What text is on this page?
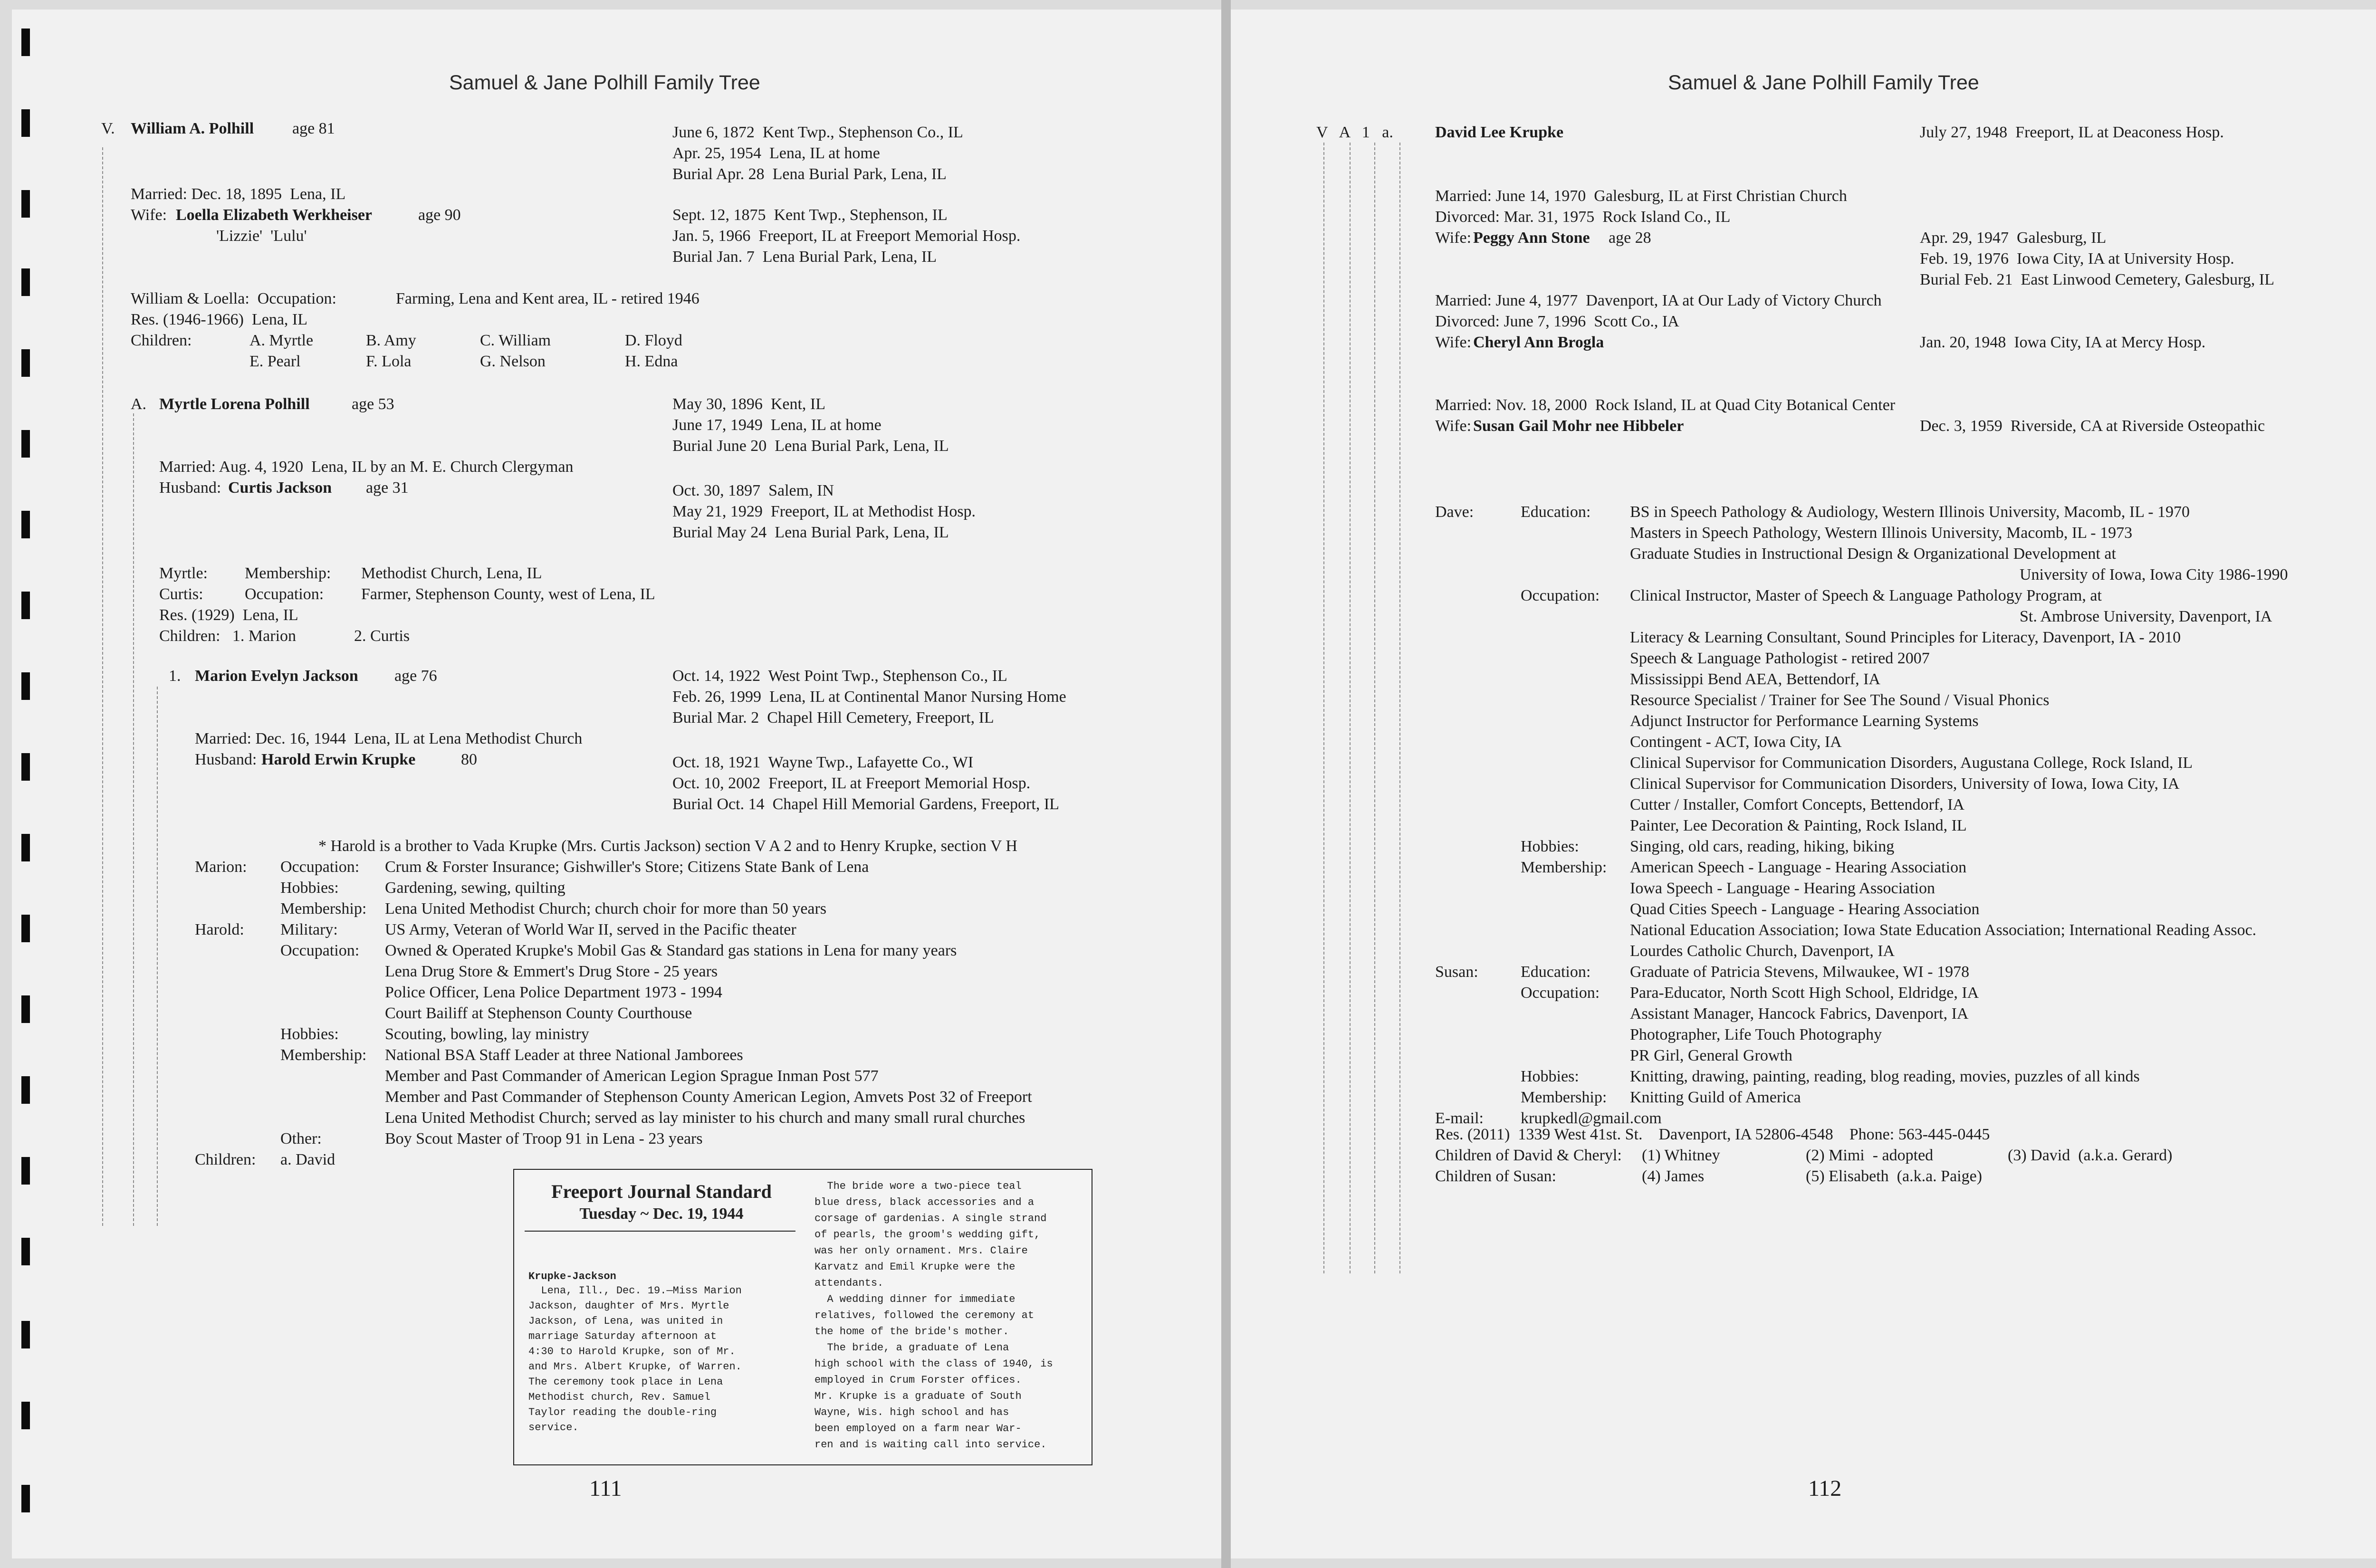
Samuel & Jane Polhill Family Tree
V. William A. Polhill age 81	June 6, 1872  Kent Twp., Stephenson Co., IL
Apr. 25, 1954  Lena, IL at home
Burial Apr. 28  Lena Burial Park, Lena, IL
Married: Dec. 18, 1895  Lena, IL
Wife: Loella Elizabeth Werkheiser	age 90
'Lizzie'  'Lulu'
Sept. 12, 1875  Kent Twp., Stephenson, IL
Jan. 5, 1966  Freeport, IL at Freeport Memorial Hosp.
Burial Jan. 7  Lena Burial Park, Lena, IL
William & Loella:  Occupation:	Farming, Lena and Kent area, IL - retired 1946
Res. (1946-1966)  Lena, IL
Children:	A. Myrtle	B. Amy	C. William	D. Floyd
E. Pearl	F. Lola	G. Nelson	H. Edna
A. Myrtle Lorena Polhill	age 53	May 30, 1896  Kent, IL
June 17, 1949  Lena, IL at home
Burial June 20  Lena Burial Park, Lena, IL
Married: Aug. 4, 1920  Lena, IL by an M. E. Church Clergyman
Husband: Curtis Jackson age 31	Oct. 30, 1897  Salem, IN
May 21, 1929  Freeport, IL at Methodist Hosp.
Burial May 24  Lena Burial Park, Lena, IL
Myrtle: Membership: Methodist Church, Lena, IL
Curtis:	Occupation: Farmer, Stephenson County, west of Lena, IL
Res. (1929)  Lena, IL
Children:   1. Marion	2. Curtis
1. Marion Evelyn Jackson age 76	Oct. 14, 1922  West Point Twp., Stephenson Co., IL
Feb. 26, 1999  Lena, IL at Continental Manor Nursing Home
Burial Mar. 2  Chapel Hill Cemetery, Freeport, IL
Married: Dec. 16, 1944  Lena, IL at Lena Methodist Church
Husband: Harold Erwin Krupke	80	Oct. 18, 1921  Wayne Twp., Lafayette Co., WI
Oct. 10, 2002  Freeport, IL at Freeport Memorial Hosp.
Burial Oct. 14  Chapel Hill Memorial Gardens, Freeport, IL
* Harold is a brother to Vada Krupke (Mrs. Curtis Jackson) section V A 2 and to Henry Krupke, section V H
Marion: Occupation: Crum & Forster Insurance; Gishwiller's Store; Citizens State Bank of Lena
Hobbies:	Gardening, sewing, quilting
Membership: Lena United Methodist Church; church choir for more than 50 years
Harold: Military:	US Army, Veteran of World War II, served in the Pacific theater
Occupation: Owned & Operated Krupke's Mobil Gas & Standard gas stations in Lena for many years
Lena Drug Store & Emmert's Drug Store - 25 years
Police Officer, Lena Police Department 1973 - 1994
Court Bailiff at Stephenson County Courthouse
Hobbies:	Scouting, bowling, lay ministry
Membership: National BSA Staff Leader at three National Jamborees
Member and Past Commander of American Legion Sprague Inman Post 577
Member and Past Commander of Stephenson County American Legion, Amvets Post 32 of Freeport
Lena United Methodist Church; served as lay minister to his church and many small rural churches
Other:	Boy Scout Master of Troop 91 in Lena - 23 years
Children: a. David
Freeport Journal Standard
Tuesday ~ Dec. 19, 1944
Krupke-Jackson
Lena, Ill., Dec. 19.—Miss Marion
Jackson, daughter of Mrs. Myrtle
Jackson, of Lena, was united in
marriage Saturday afternoon at
4:30 to Harold Krupke, son of Mr.
and Mrs. Albert Krupke, of Warren.
The ceremony took place in Lena
Methodist church, Rev. Samuel
Taylor reading the double-ring
service.
The bride wore a two-piece teal
blue dress, black accessories and a
corsage of gardenias. A single strand
of pearls, the groom's wedding gift,
was her only ornament. Mrs. Claire
Karvatz and Emil Krupke were the
attendants.
A wedding dinner for immediate
relatives, followed the ceremony at
the home of the bride's mother.
The bride, a graduate of Lena
high school with the class of 1940, is
employed in Crum Forster offices.
Mr. Krupke is a graduate of South
Wayne, Wis. high school and has
been employed on a farm near War-
ren and is waiting call into service.
111
Samuel & Jane Polhill Family Tree
V   A   1   a.	David Lee Krupke	July 27, 1948  Freeport, IL at Deaconess Hosp.
Married: June 14, 1970  Galesburg, IL at First Christian Church
Divorced: Mar. 31, 1975  Rock Island Co., IL
Wife:
Peggy Ann Stone age 28	Apr. 29, 1947  Galesburg, IL
Feb. 19, 1976  Iowa City, IA at University Hosp.
Burial Feb. 21  East Linwood Cemetery, Galesburg, IL
Married: June 4, 1977  Davenport, IA at Our Lady of Victory Church
Divorced: June 7, 1996  Scott Co., IA
Wife:
Cheryl Ann Brogla	Jan. 20, 1948  Iowa City, IA at Mercy Hosp.
Married: Nov. 18, 2000  Rock Island, IL at Quad City Botanical Center
Wife:
Susan Gail Mohr nee Hibbeler	Dec. 3, 1959  Riverside, CA at Riverside Osteopathic
Dave:	Education: BS in Speech Pathology & Audiology, Western Illinois University, Macomb, IL - 1970
Masters in Speech Pathology, Western Illinois University, Macomb, IL - 1973
Graduate Studies in Instructional Design & Organizational Development at
University of Iowa, Iowa City 1986-1990
Occupation: Clinical Instructor, Master of Speech & Language Pathology Program, at
St. Ambrose University, Davenport, IA
Literacy & Learning Consultant, Sound Principles for Literacy, Davenport, IA - 2010
Speech & Language Pathologist - retired 2007
Mississippi Bend AEA, Bettendorf, IA
Resource Specialist / Trainer for See The Sound / Visual Phonics
Adjunct Instructor for Performance Learning Systems
Contingent - ACT, Iowa City, IA
Clinical Supervisor for Communication Disorders, Augustana College, Rock Island, IL
Clinical Supervisor for Communication Disorders, University of Iowa, Iowa City, IA
Cutter / Installer, Comfort Concepts, Bettendorf, IA
Painter, Lee Decoration & Painting, Rock Island, IL
Hobbies:	Singing, old cars, reading, hiking, biking
Membership: American Speech - Language - Hearing Association
Iowa Speech - Language - Hearing Association
Quad Cities Speech - Language - Hearing Association
National Education Association; Iowa State Education Association; International Reading Assoc.
Lourdes Catholic Church, Davenport, IA
Susan:	Education: Graduate of Patricia Stevens, Milwaukee, WI - 1978
Occupation: Para-Educator, North Scott High School, Eldridge, IA
Assistant Manager, Hancock Fabrics, Davenport, IA
Photographer, Life Touch Photography
PR Girl, General Growth
Hobbies:	Knitting, drawing, painting, reading, blog reading, movies, puzzles of all kinds
Membership: Knitting Guild of America
E-mail: krupkedl@gmail.com
Res. (2011)  1339 West 41st. St.    Davenport, IA 52806-4548    Phone: 563-445-0445
Children of David & Cheryl: (1) Whitney	(2) Mimi  - adopted	(3) David  (a.k.a. Gerard)
Children of Susan:	(4) James	(5) Elisabeth  (a.k.a. Paige)
112
